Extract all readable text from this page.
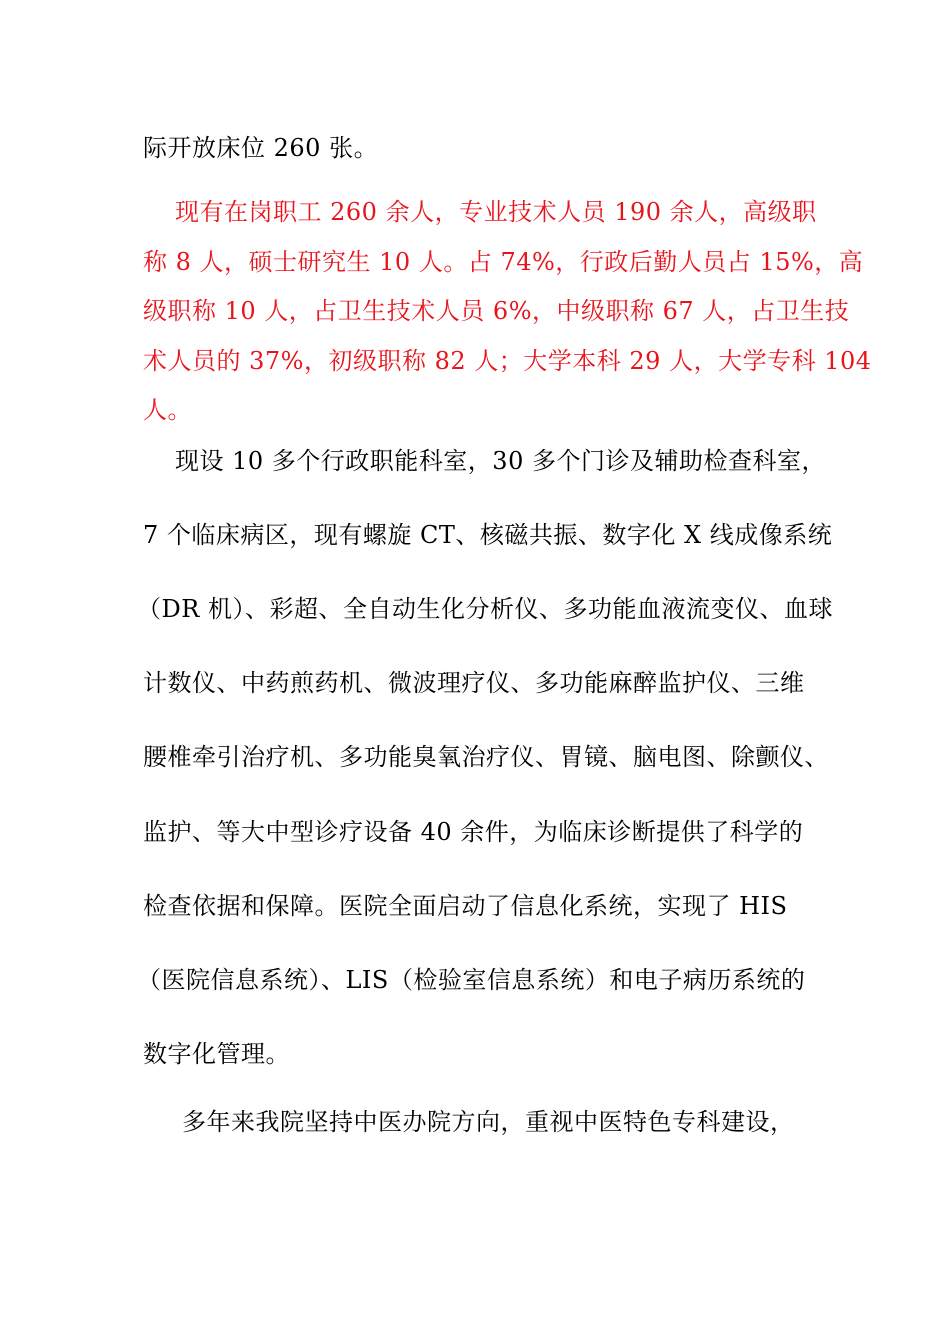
际开放床位 260 张。
现有在岗职工 260 余人，专业技术人员 190 余人，高级职
称 8 人，硕士研究生 10 人。占 74%，行政后勤人员占 15%，高
级职称 10 人，占卫生技术人员 6%，中级职称 67 人，占卫生技
术人员的 37%，初级职称 82 人；大学本科 29 人，大学专科 104
人。
现设 10 多个行政职能科室，30 多个门诊及辅助检查科室，
7 个临床病区，现有螺旋 CT、核磁共振、数字化 X 线成像系统
（DR 机）、彩超、全自动生化分析仪、多功能血液流变仪、血球
计数仪、中药煎药机、微波理疗仪、多功能麻醉监护仪、三维
腰椎牵引治疗机、多功能臭氧治疗仪、胃镜、脑电图、除颤仪、
监护、等大中型诊疗设备 40 余件，为临床诊断提供了科学的
检查依据和保障。医院全面启动了信息化系统，实现了 HIS
（医院信息系统）、LIS（检验室信息系统）和电子病历系统的
数字化管理。
多年来我院坚持中医办院方向，重视中医特色专科建设，
